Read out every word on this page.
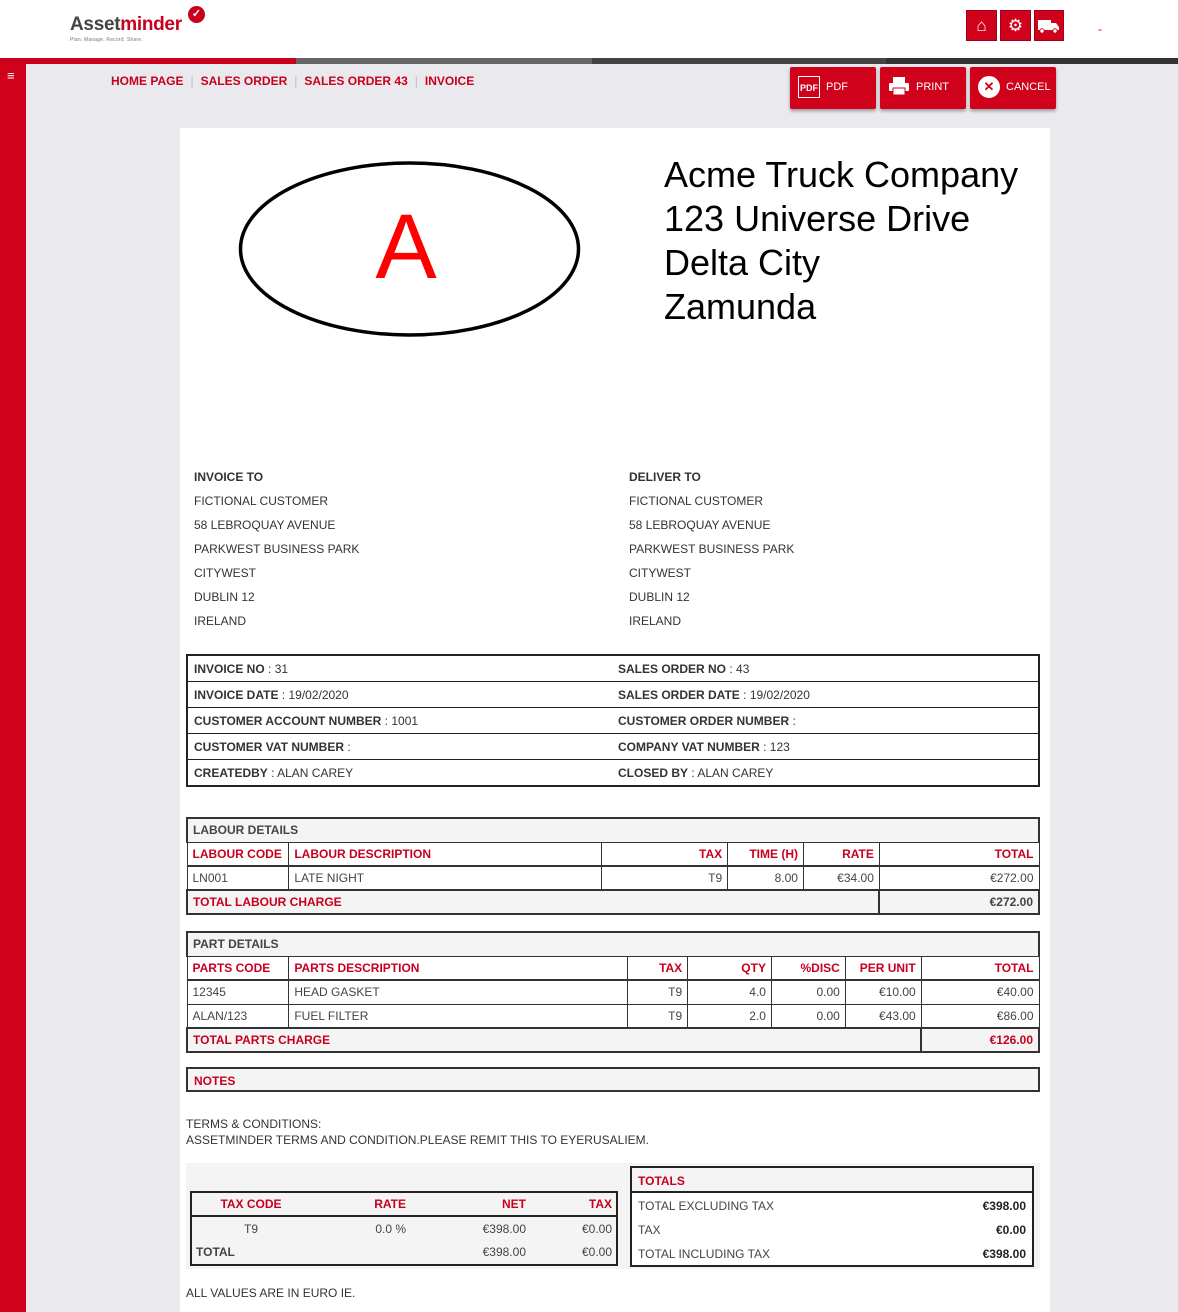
Assetminder ✓
Plan. Manage. Record. Share.
⌂	⚙	-
≡	HOME PAGE | SALES ORDER | SALES ORDER 43 | INVOICE	PDF PDF	PRINT	✕	CANCEL
A
Acme Truck Company
123 Universe Drive
Delta City
Zamunda
INVOICE TO
FICTIONAL CUSTOMER
58 LEBROQUAY AVENUE
PARKWEST BUSINESS PARK
CITYWEST
DUBLIN 12
IRELAND
DELIVER TO
FICTIONAL CUSTOMER
58 LEBROQUAY AVENUE
PARKWEST BUSINESS PARK
CITYWEST
DUBLIN 12
IRELAND
INVOICE NO : 31	SALES ORDER NO : 43
INVOICE DATE : 19/02/2020	SALES ORDER DATE : 19/02/2020
CUSTOMER ACCOUNT NUMBER : 1001	CUSTOMER ORDER NUMBER :
CUSTOMER VAT NUMBER :	COMPANY VAT NUMBER : 123
CREATEDBY : ALAN CAREY	CLOSED BY : ALAN CAREY
LABOUR DETAILS					
LABOUR CODE	LABOUR DESCRIPTION	TAX	TIME (H)	RATE	TOTAL
LN001	LATE NIGHT	T9	8.00	€34.00	€272.00
TOTAL LABOUR CHARGE					€272.00
PART DETAILS						
PARTS CODE	PARTS DESCRIPTION	TAX	QTY	%DISC	PER UNIT	TOTAL
12345	HEAD GASKET	T9	4.0	0.00	€10.00	€40.00
ALAN/123	FUEL FILTER	T9	2.0	0.00	€43.00	€86.00
TOTAL PARTS CHARGE						€126.00
NOTES
TERMS & CONDITIONS:
ASSETMINDER TERMS AND CONDITION.PLEASE REMIT THIS TO EYERUSALIEM.
TAX CODE	RATE	NET	TAX
T9	0.0 %	€398.00	€0.00
TOTAL		€398.00	€0.00
TOTALS
TOTAL EXCLUDING TAX	€398.00
TAX	€0.00
TOTAL INCLUDING TAX	€398.00
ALL VALUES ARE IN EURO IE.
